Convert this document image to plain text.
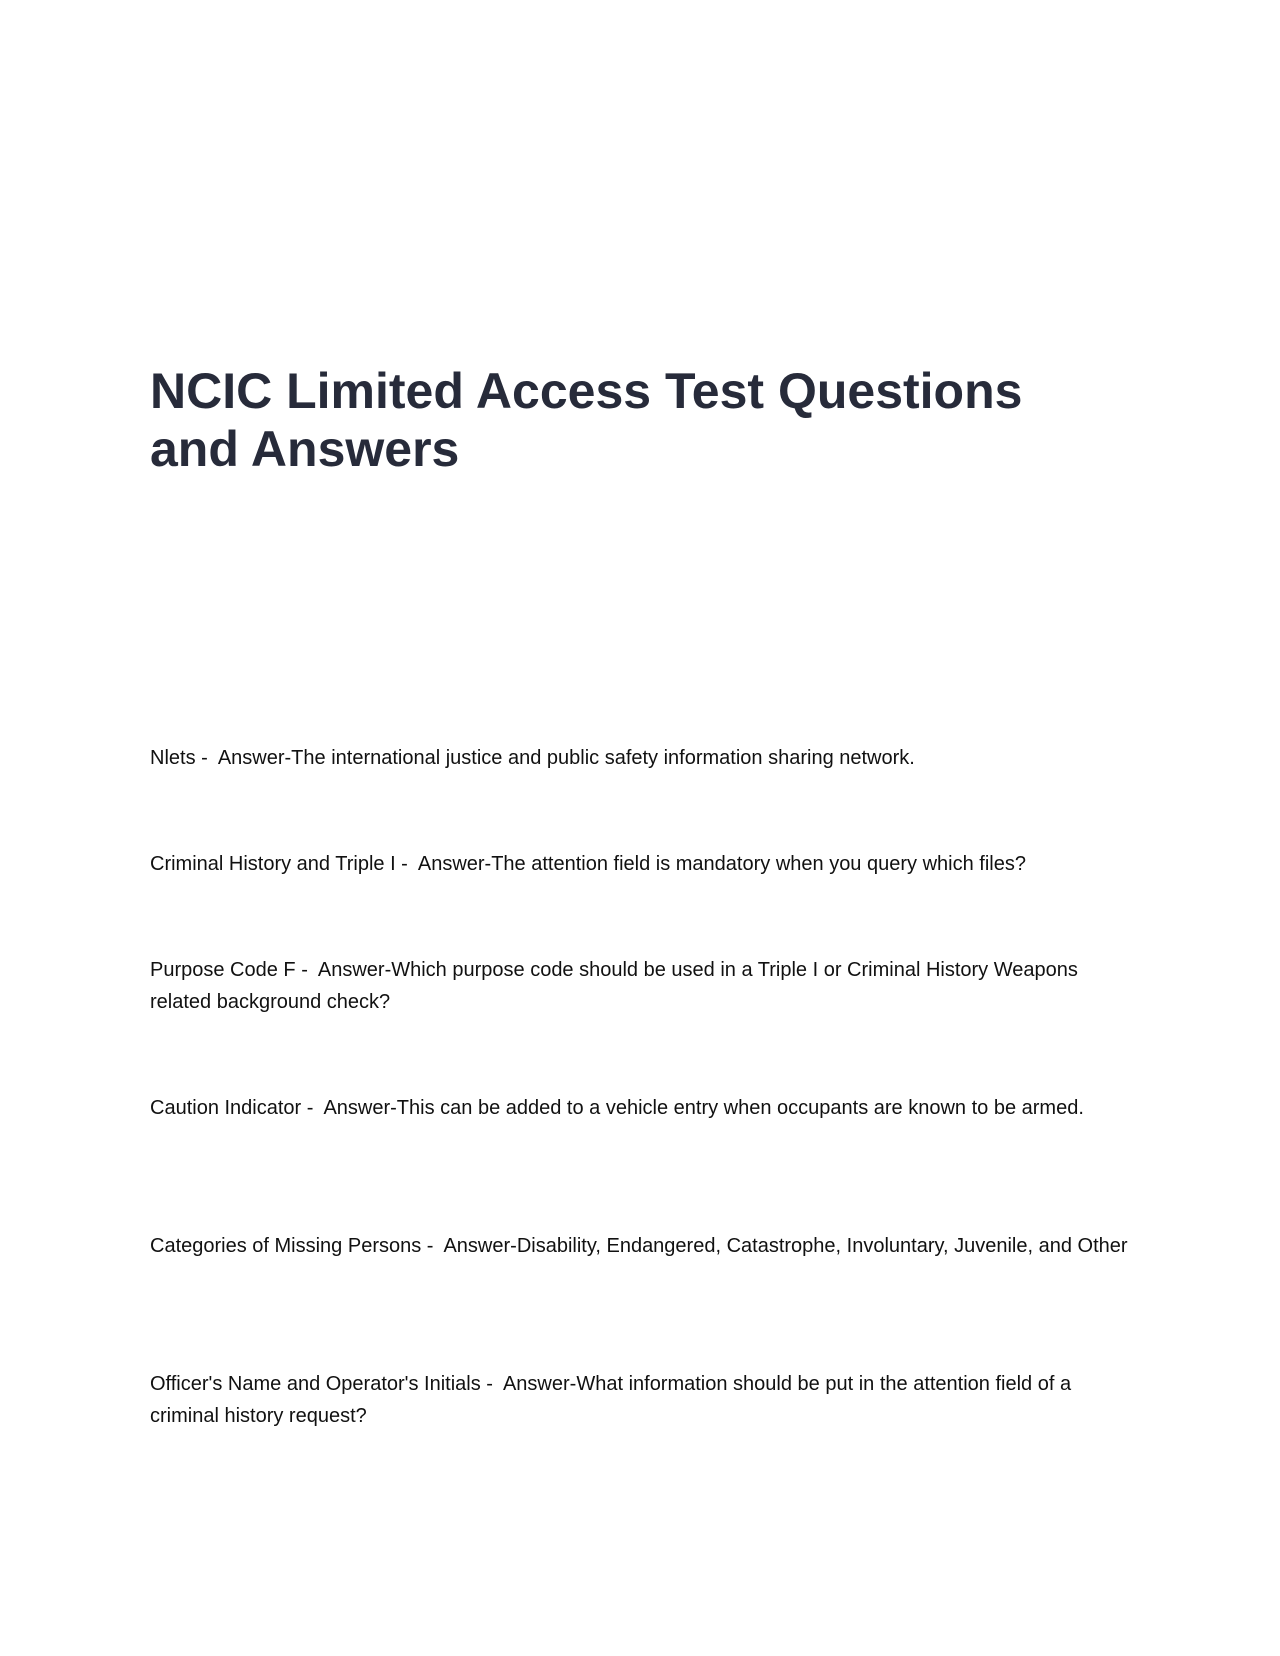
NCIC Limited Access Test Questions and Answers

Nlets -  Answer-The international justice and public safety information sharing network.

Criminal History and Triple I -  Answer-The attention field is mandatory when you query which files?

Purpose Code F -  Answer-Which purpose code should be used in a Triple I or Criminal History Weapons related background check?

Caution Indicator -  Answer-This can be added to a vehicle entry when occupants are known to be armed.

Categories of Missing Persons -  Answer-Disability, Endangered, Catastrophe, Involuntary, Juvenile, and Other

Officer's Name and Operator's Initials -  Answer-What information should be put in the attention field of a criminal history request?
